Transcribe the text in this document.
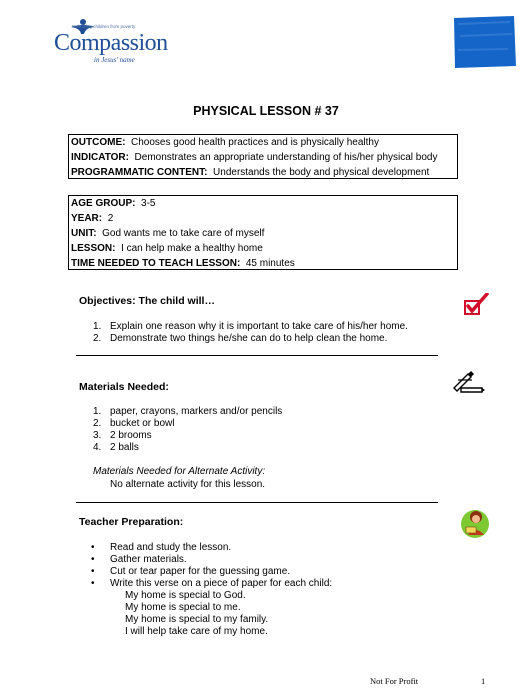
Releasing children from poverty
Compassion
in Jesus' name
PHYSICAL LESSON # 37
OUTCOME: Chooses good health practices and is physically healthy
INDICATOR: Demonstrates an appropriate understanding of his/her physical body
PROGRAMMATIC CONTENT: Understands the body and physical development
AGE GROUP: 3-5
YEAR: 2
UNIT: God wants me to take care of myself
LESSON: I can help make a healthy home
TIME NEEDED TO TEACH LESSON: 45 minutes
Objectives: The child will…
1. Explain one reason why it is important to take care of his/her home.
2. Demonstrate two things he/she can do to help clean the home.
Materials Needed:
1. paper, crayons, markers and/or pencils
2. bucket or bowl
3. 2 brooms
4. 2 balls
Materials Needed for Alternate Activity:
No alternate activity for this lesson.
Teacher Preparation:
• Read and study the lesson.
• Gather materials.
• Cut or tear paper for the guessing game.
• Write this verse on a piece of paper for each child:
My home is special to God.
My home is special to me.
My home is special to my family.
I will help take care of my home.
Not For Profit	1
